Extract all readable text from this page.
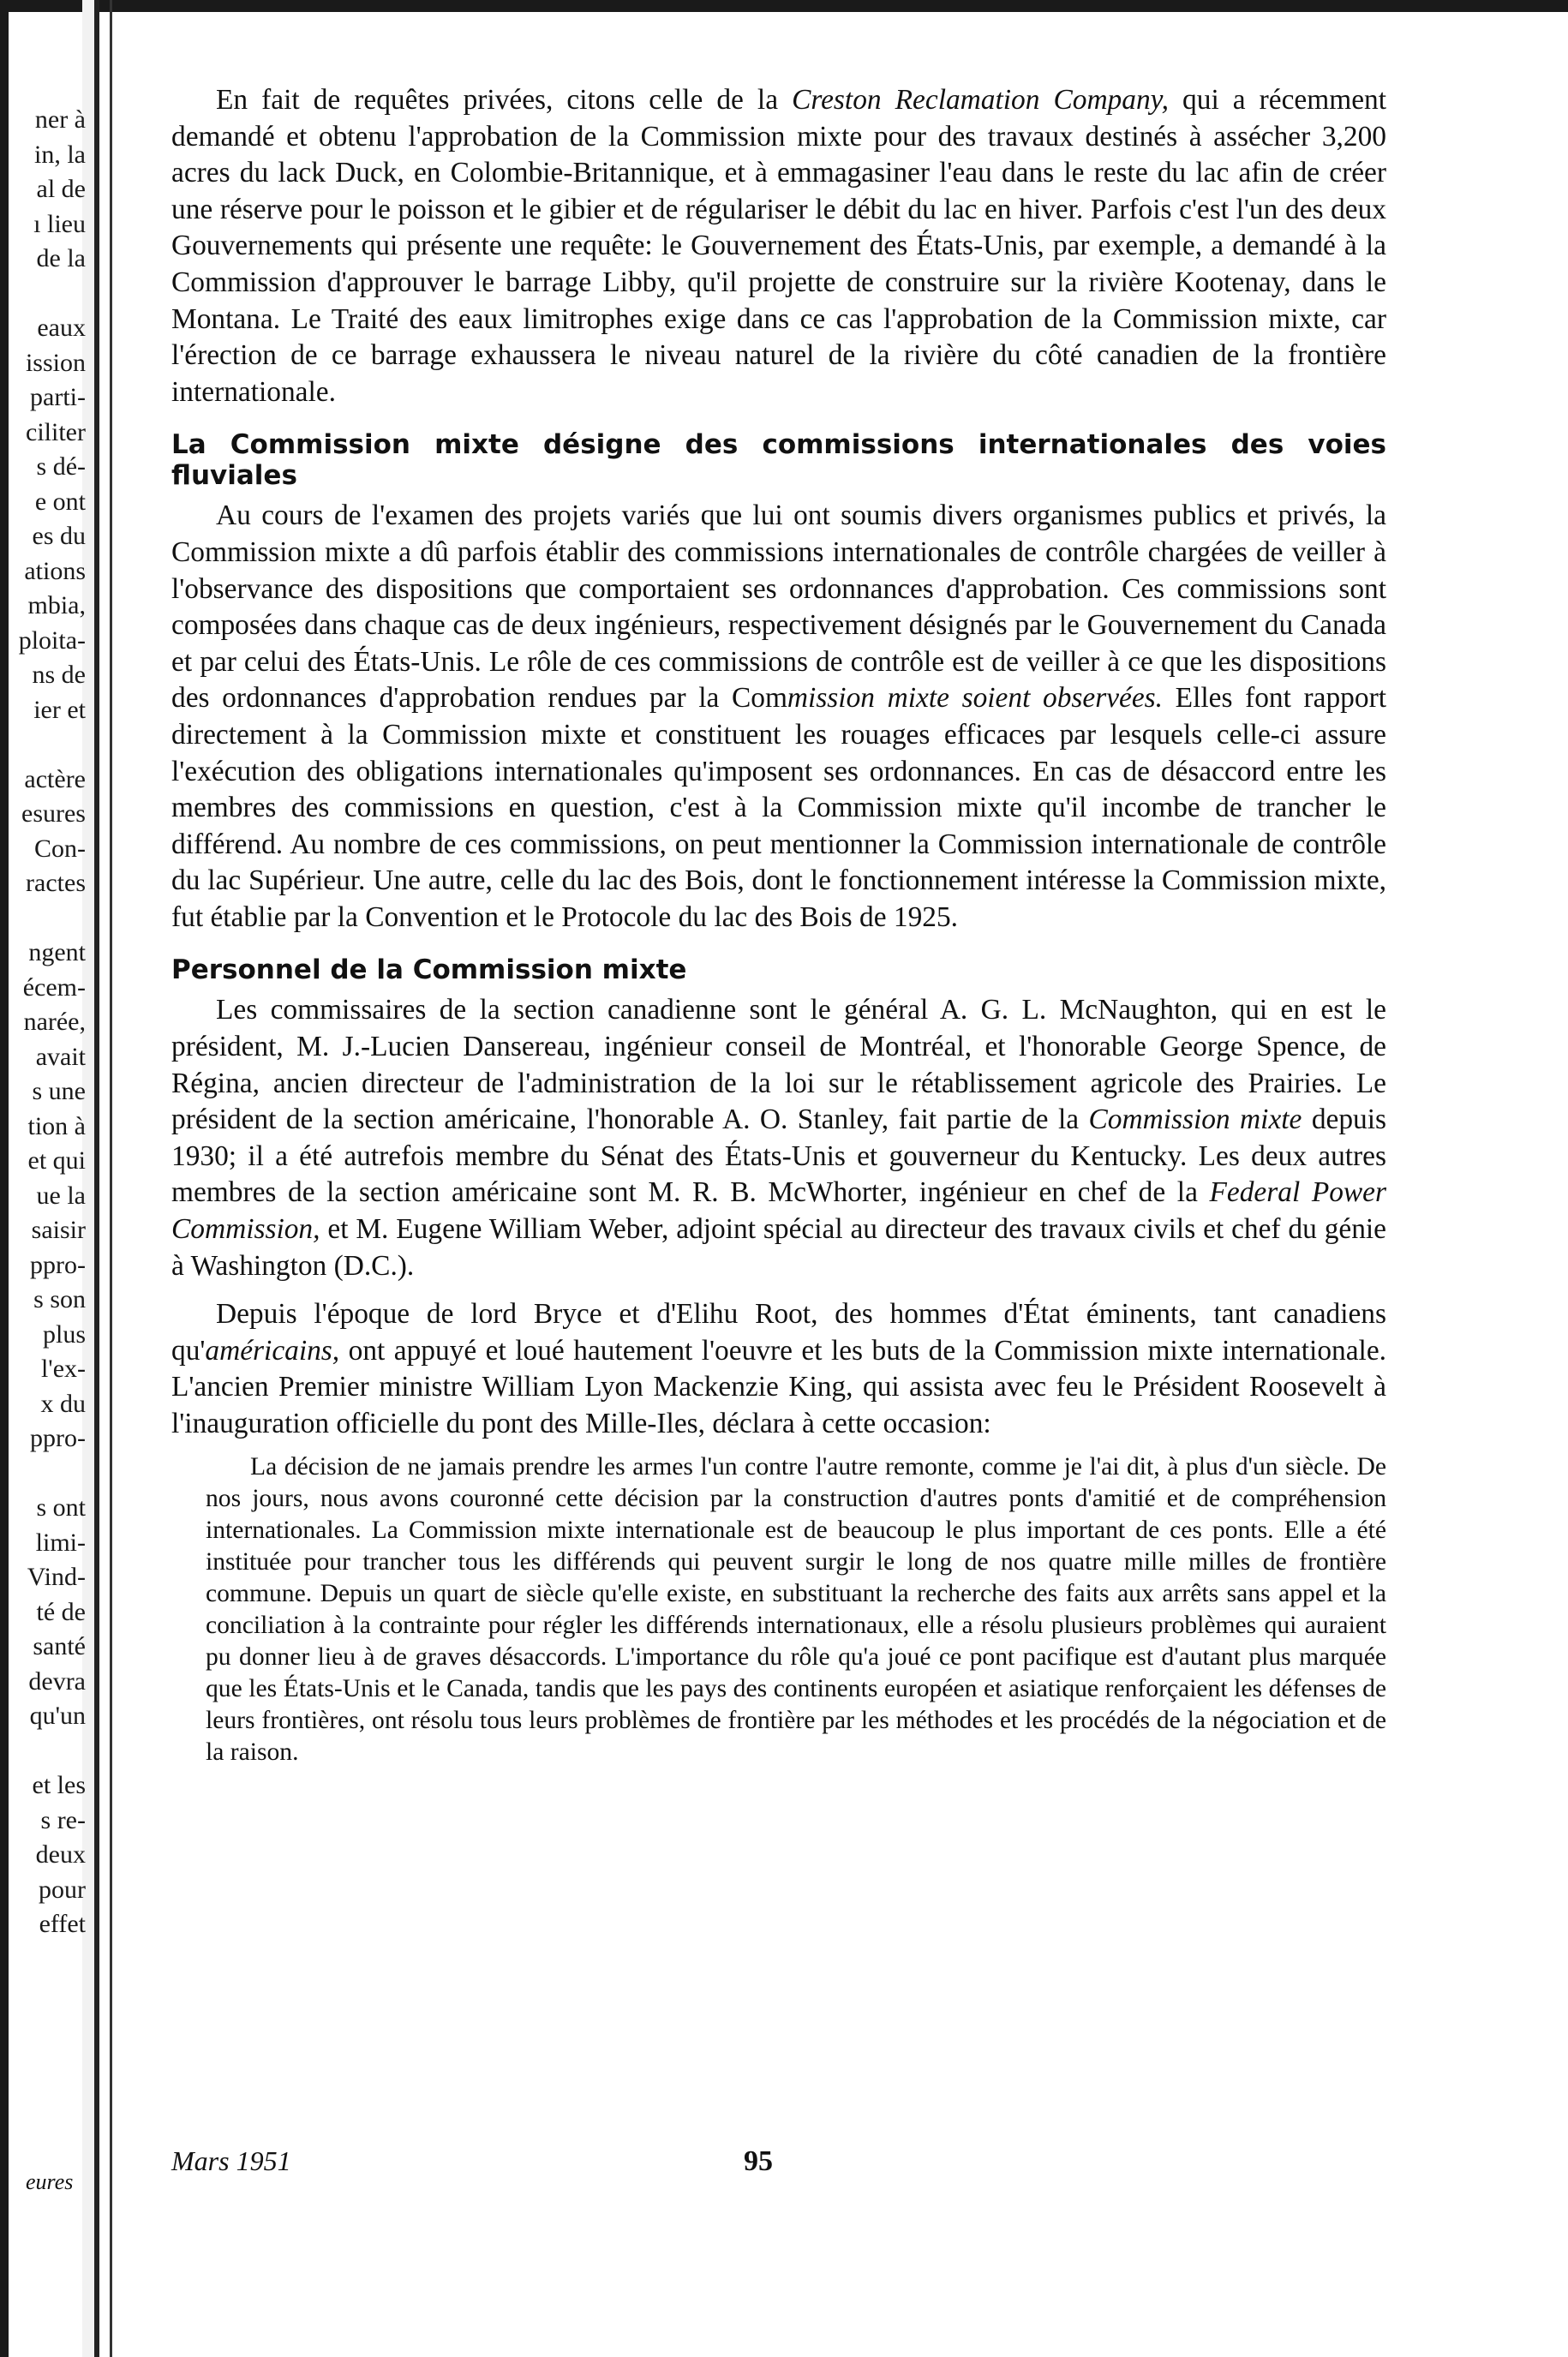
ner à
in, la
al de
ı lieu
de la
eaux
ission
parti-
ciliter
s dé-
e ont
es du
ations
mbia,
ploita-
ns de
ier et
actère
esures
Con-
ractes
ngent
écem-
narée,
avait
s une
tion à
et qui
ue la
saisir
ppro-
s son
plus
l'ex-
x du
ppro-
s ont
limi-
Vind-
té de
santé
devra
qu'un
et les
s re-
deux
pour
effet
eures

En fait de requêtes privées, citons celle de la Creston Reclamation Company, qui a récemment demandé et obtenu l'approbation de la Commission mixte pour des travaux destinés à assécher 3,200 acres du lack Duck, en Colombie-Britannique, et à emmagasiner l'eau dans le reste du lac afin de créer une réserve pour le poisson et le gibier et de régulariser le débit du lac en hiver. Parfois c'est l'un des deux Gouvernements qui présente une requête: le Gouvernement des États-Unis, par exemple, a demandé à la Commission d'approuver le barrage Libby, qu'il projette de construire sur la rivière Kootenay, dans le Montana. Le Traité des eaux limitrophes exige dans ce cas l'approbation de la Commission mixte, car l'érection de ce barrage exhaussera le niveau naturel de la rivière du côté canadien de la frontière internationale.

La Commission mixte désigne des commissions internationales des voies fluviales

Au cours de l'examen des projets variés que lui ont soumis divers organismes publics et privés, la Commission mixte a dû parfois établir des commissions internationales de contrôle chargées de veiller à l'observance des dispositions que comportaient ses ordonnances d'approbation. Ces commissions sont composées dans chaque cas de deux ingénieurs, respectivement désignés par le Gouvernement du Canada et par celui des États-Unis. Le rôle de ces commissions de contrôle est de veiller à ce que les dispositions des ordonnances d'approbation rendues par la Commission mixte soient observées. Elles font rapport directement à la Commission mixte et constituent les rouages efficaces par lesquels celle-ci assure l'exécution des obligations internationales qu'imposent ses ordonnances. En cas de désaccord entre les membres des commissions en question, c'est à la Commission mixte qu'il incombe de trancher le différend. Au nombre de ces commissions, on peut mentionner la Commission internationale de contrôle du lac Supérieur. Une autre, celle du lac des Bois, dont le fonctionnement intéresse la Commission mixte, fut établie par la Convention et le Protocole du lac des Bois de 1925.

Personnel de la Commission mixte

Les commissaires de la section canadienne sont le général A. G. L. McNaughton, qui en est le président, M. J.-Lucien Dansereau, ingénieur conseil de Montréal, et l'honorable George Spence, de Régina, ancien directeur de l'administration de la loi sur le rétablissement agricole des Prairies. Le président de la section américaine, l'honorable A. O. Stanley, fait partie de la Commission mixte depuis 1930; il a été autrefois membre du Sénat des États-Unis et gouverneur du Kentucky. Les deux autres membres de la section américaine sont M. R. B. McWhorter, ingénieur en chef de la Federal Power Commission, et M. Eugene William Weber, adjoint spécial au directeur des travaux civils et chef du génie à Washington (D.C.).

Depuis l'époque de lord Bryce et d'Elihu Root, des hommes d'État éminents, tant canadiens qu'américains, ont appuyé et loué hautement l'oeuvre et les buts de la Commission mixte internationale. L'ancien Premier ministre William Lyon Mackenzie King, qui assista avec feu le Président Roosevelt à l'inauguration officielle du pont des Mille-Iles, déclara à cette occasion:

La décision de ne jamais prendre les armes l'un contre l'autre remonte, comme je l'ai dit, à plus d'un siècle. De nos jours, nous avons couronné cette décision par la construction d'autres ponts d'amitié et de compréhension internationales. La Commission mixte internationale est de beaucoup le plus important de ces ponts. Elle a été instituée pour trancher tous les différends qui peuvent surgir le long de nos quatre mille milles de frontière commune. Depuis un quart de siècle qu'elle existe, en substituant la recherche des faits aux arrêts sans appel et la conciliation à la contrainte pour régler les différends internationaux, elle a résolu plusieurs problèmes qui auraient pu donner lieu à de graves désaccords. L'importance du rôle qu'a joué ce pont pacifique est d'autant plus marquée que les États-Unis et le Canada, tandis que les pays des continents européen et asiatique renforçaient les défenses de leurs frontières, ont résolu tous leurs problèmes de frontière par les méthodes et les procédés de la négociation et de la raison.

Mars 1951	95
